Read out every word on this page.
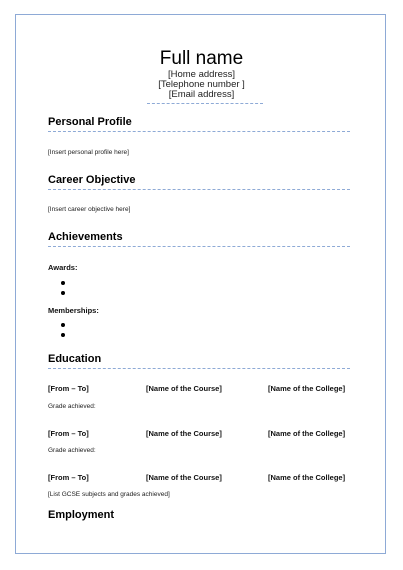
Full name
[Home address]
[Telephone number ]
[Email address]
Personal Profile
[Insert personal profile here]
Career Objective
[Insert career objective here]
Achievements
Awards:
Memberships:
Education
[From – To]	[Name of the Course]	[Name of the College]
Grade achieved:
[From – To]	[Name of the Course]	[Name of the College]
Grade achieved:
[From – To]	[Name of the Course]	[Name of the College]
[List GCSE subjects and grades achieved]
Employment
